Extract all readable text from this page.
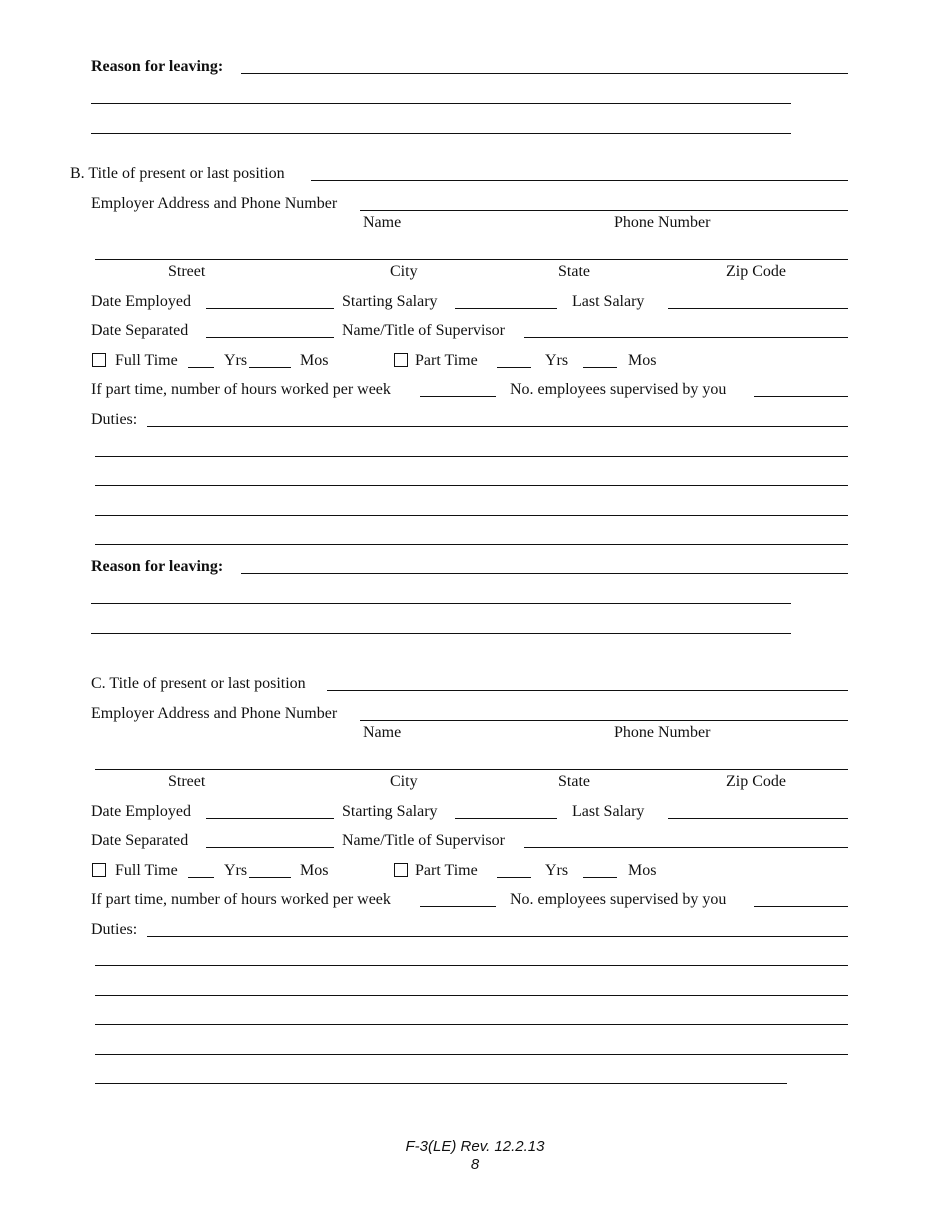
Reason for leaving:
B. Title of present or last position
Employer Address and Phone Number
Name	Phone Number
Street	City	State	Zip Code
Date Employed	Starting Salary	Last Salary
Date Separated	Name/Title of Supervisor
Full Time	Yrs	Mos	Part Time	Yrs	Mos
If part time, number of hours worked per week	No. employees supervised by you
Duties:
Reason for leaving:
C. Title of present or last position
Employer Address and Phone Number
Name	Phone Number
Street	City	State	Zip Code
Date Employed	Starting Salary	Last Salary
Date Separated	Name/Title of Supervisor
Full Time	Yrs	Mos	Part Time	Yrs	Mos
If part time, number of hours worked per week	No. employees supervised by you
Duties:
F-3(LE) Rev. 12.2.13
8
